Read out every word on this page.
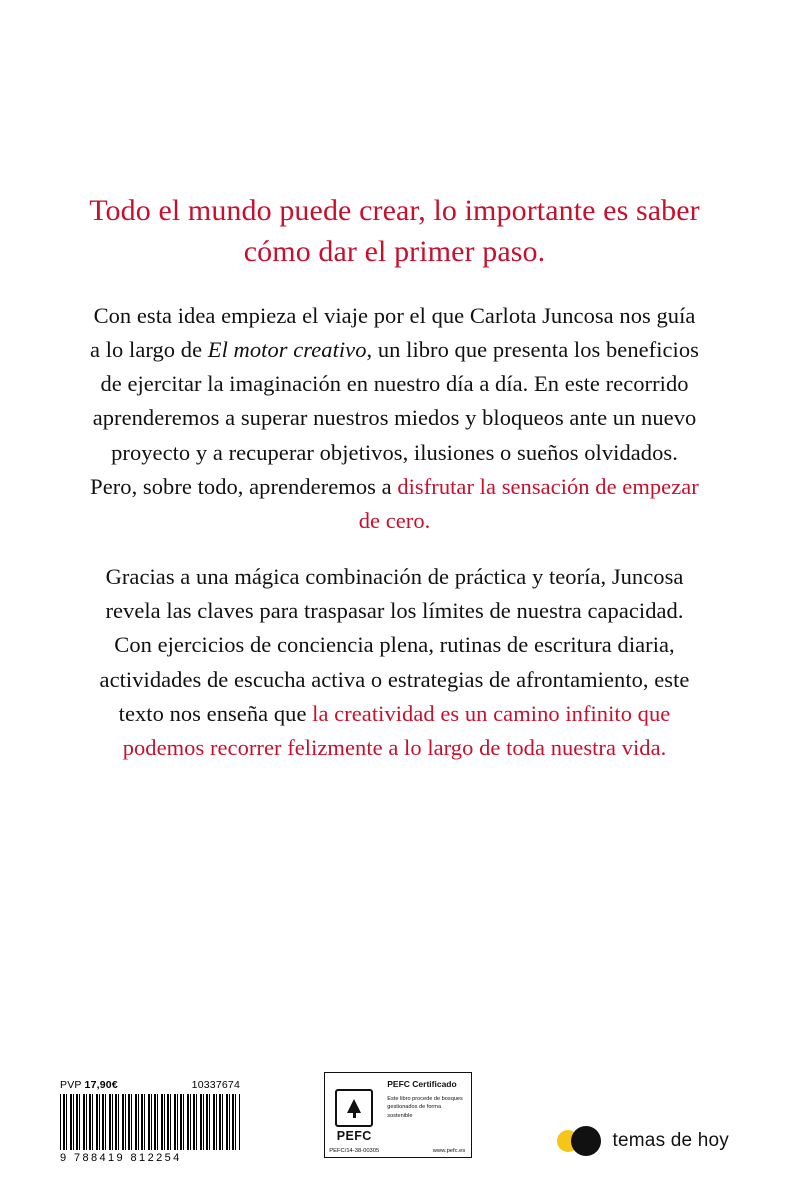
Todo el mundo puede crear, lo importante es saber cómo dar el primer paso.

Con esta idea empieza el viaje por el que Carlota Juncosa nos guía a lo largo de El motor creativo, un libro que presenta los beneficios de ejercitar la imaginación en nuestro día a día. En este recorrido aprenderemos a superar nuestros miedos y bloqueos ante un nuevo proyecto y a recuperar objetivos, ilusiones o sueños olvidados. Pero, sobre todo, aprenderemos a disfrutar la sensación de empezar de cero.

Gracias a una mágica combinación de práctica y teoría, Juncosa revela las claves para traspasar los límites de nuestra capacidad. Con ejercicios de conciencia plena, rutinas de escritura diaria, actividades de escucha activa o estrategias de afrontamiento, este texto nos enseña que la creatividad es un camino infinito que podemos recorrer felizmente a lo largo de toda nuestra vida.

PVP 17,90€	10337674
9 788419 812254
PEFC
PEFC Certificado
Este libro procede de bosques gestionados de forma sostenible
PEFC/14-38-00305	www.pefc.es	temas de hoy
